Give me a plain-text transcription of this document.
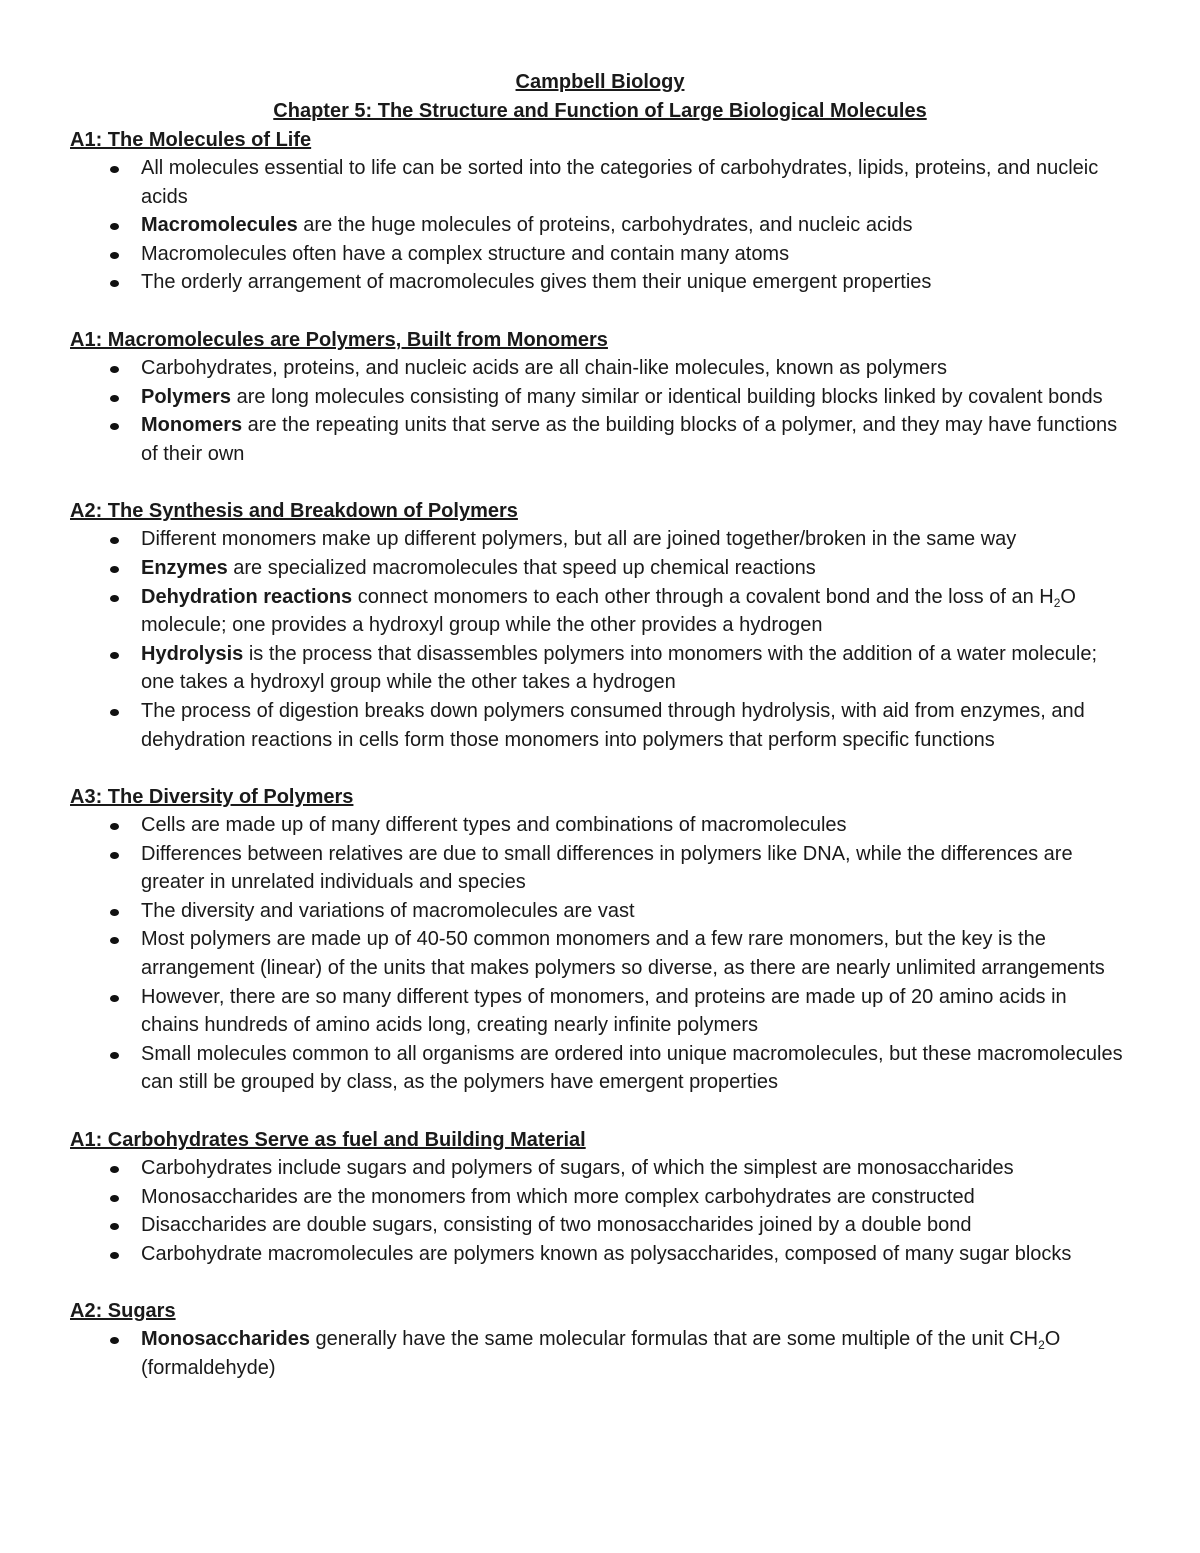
Campbell Biology
Chapter 5: The Structure and Function of Large Biological Molecules
A1: The Molecules of Life
All molecules essential to life can be sorted into the categories of carbohydrates, lipids, proteins, and nucleic acids
Macromolecules are the huge molecules of proteins, carbohydrates, and nucleic acids
Macromolecules often have a complex structure and contain many atoms
The orderly arrangement of macromolecules gives them their unique emergent properties
A1: Macromolecules are Polymers, Built from Monomers
Carbohydrates, proteins, and nucleic acids are all chain-like molecules, known as polymers
Polymers are long molecules consisting of many similar or identical building blocks linked by covalent bonds
Monomers are the repeating units that serve as the building blocks of a polymer, and they may have functions of their own
A2: The Synthesis and Breakdown of Polymers
Different monomers make up different polymers, but all are joined together/broken in the same way
Enzymes are specialized macromolecules that speed up chemical reactions
Dehydration reactions connect monomers to each other through a covalent bond and the loss of an $H_2O$ molecule; one provides a hydroxyl group while the other provides a hydrogen
Hydrolysis is the process that disassembles polymers into monomers with the addition of a water molecule; one takes a hydroxyl group while the other takes a hydrogen
The process of digestion breaks down polymers consumed through hydrolysis, with aid from enzymes, and dehydration reactions in cells form those monomers into polymers that perform specific functions
A3: The Diversity of Polymers
Cells are made up of many different types and combinations of macromolecules
Differences between relatives are due to small differences in polymers like DNA, while the differences are greater in unrelated individuals and species
The diversity and variations of macromolecules are vast
Most polymers are made up of 40-50 common monomers and a few rare monomers, but the key is the arrangement (linear) of the units that makes polymers so diverse, as there are nearly unlimited arrangements
However, there are so many different types of monomers, and proteins are made up of 20 amino acids in chains hundreds of amino acids long, creating nearly infinite polymers
Small molecules common to all organisms are ordered into unique macromolecules, but these macromolecules can still be grouped by class, as the polymers have emergent properties
A1: Carbohydrates Serve as fuel and Building Material
Carbohydrates include sugars and polymers of sugars, of which the simplest are monosaccharides
Monosaccharides are the monomers from which more complex carbohydrates are constructed
Disaccharides are double sugars, consisting of two monosaccharides joined by a double bond
Carbohydrate macromolecules are polymers known as polysaccharides, composed of many sugar blocks
A2: Sugars
Monosaccharides generally have the same molecular formulas that are some multiple of the unit $CH_2O$ (formaldehyde)
